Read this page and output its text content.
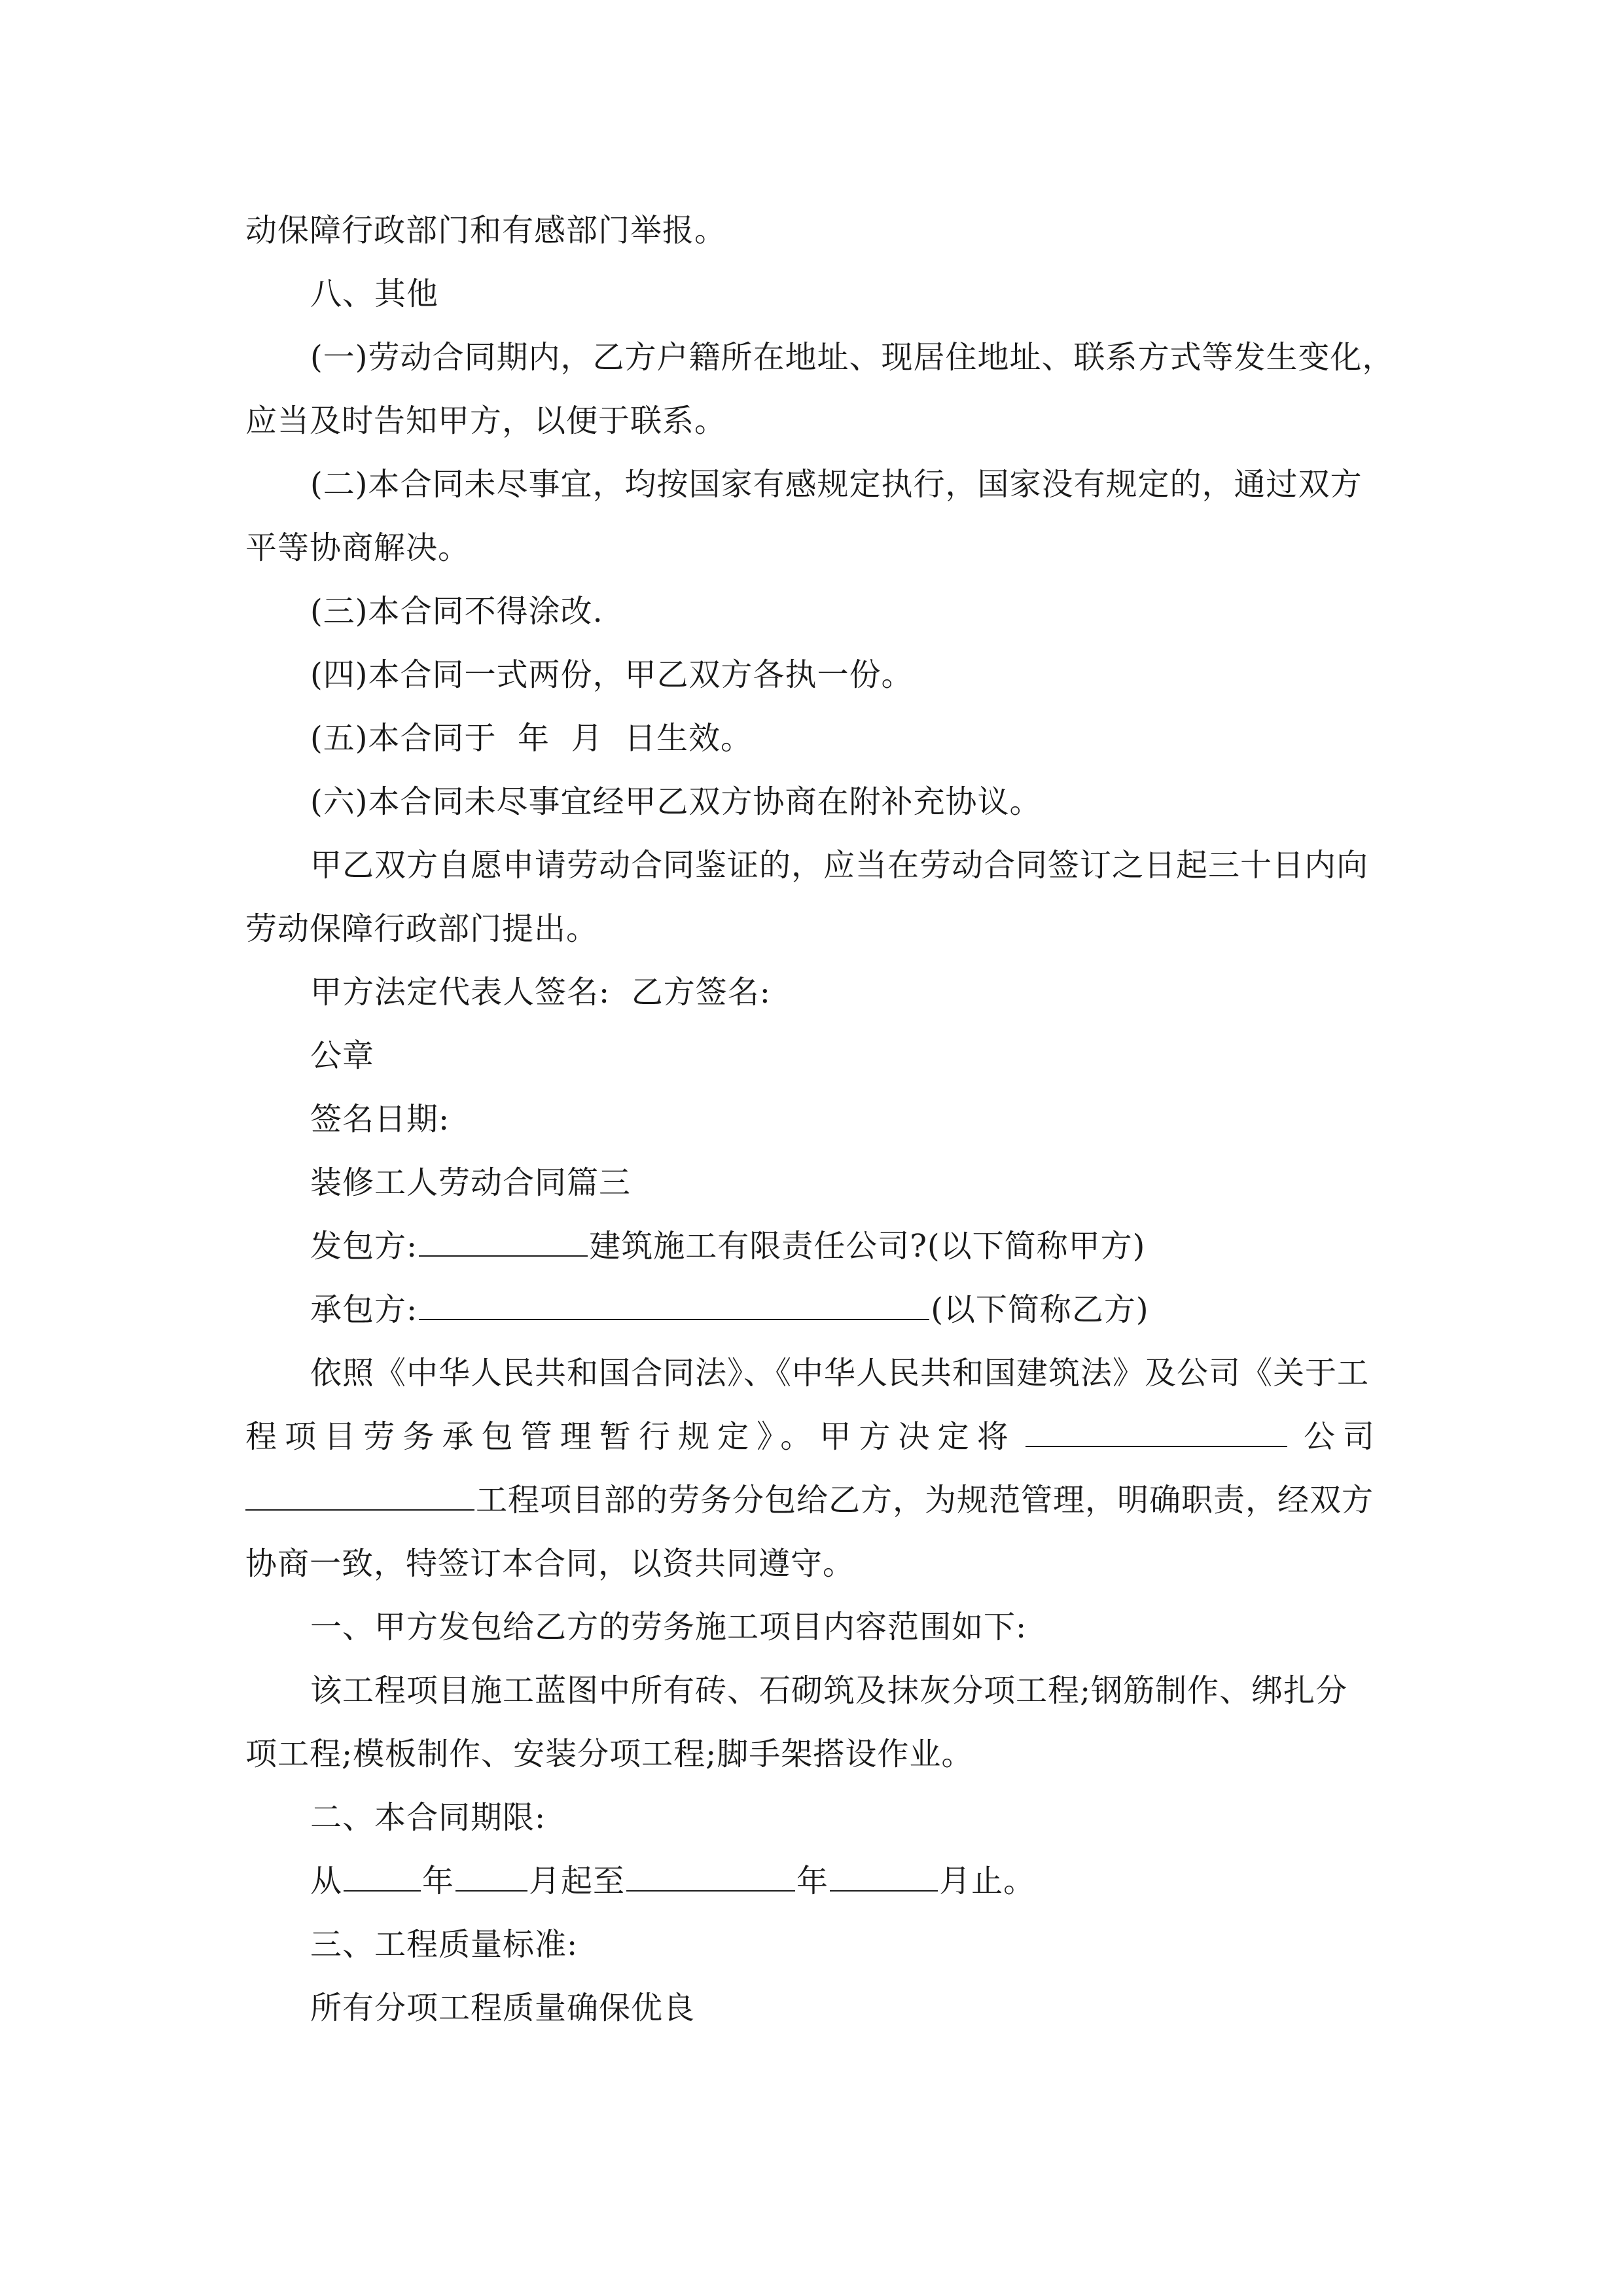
动保障行政部门和有感部门举报。
八、其他
(一)劳动合同期内，乙方户籍所在地址、现居住地址、联系方式等发生变化，
应当及时告知甲方，以便于联系。
(二)本合同未尽事宜，均按国家有感规定执行，国家没有规定的，通过双方
平等协商解决。
(三)本合同不得涂改.
(四)本合同一式两份，甲乙双方各执一份。
(五)本合同于  年  月  日生效。
(六)本合同未尽事宜经甲乙双方协商在附补充协议。
甲乙双方自愿申请劳动合同鉴证的，应当在劳动合同签订之日起三十日内向
劳动保障行政部门提出。
甲方法定代表人签名:  乙方签名:
公章
签名日期:
装修工人劳动合同篇三
发包方:	建筑施工有限责任公司?(以下简称甲方)
承包方:	(以下简称乙方)
依照《中华人民共和国合同法》、《中华人民共和国建筑法》及公司《关于工
程项目劳务承包管理暂行规定》。甲方决定将	公司
工程项目部的劳务分包给乙方，为规范管理，明确职责，经双方
协商一致，特签订本合同，以资共同遵守。
一、甲方发包给乙方的劳务施工项目内容范围如下:
该工程项目施工蓝图中所有砖、石砌筑及抹灰分项工程;钢筋制作、绑扎分
项工程;模板制作、安装分项工程;脚手架搭设作业。
二、本合同期限:
从	年 月起至	年	月止。
三、工程质量标准:
所有分项工程质量确保优良
